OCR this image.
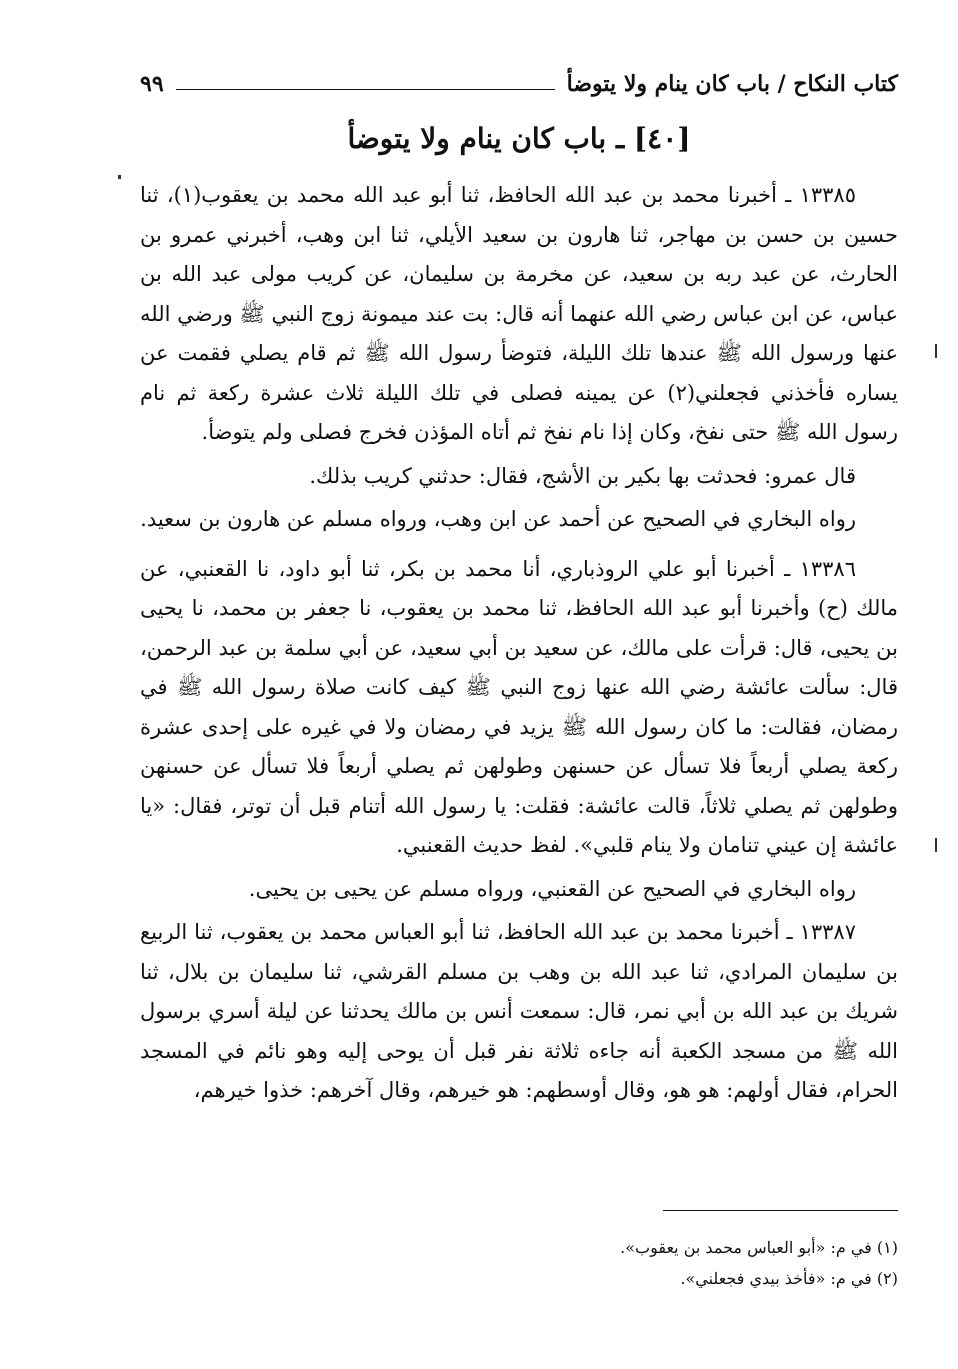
كتاب النكاح / باب كان ينام ولا يتوضأ
٩٩
[٤٠] ـ باب كان ينام ولا يتوضأ

١٣٣٨٥ ـ أخبرنا محمد بن عبد الله الحافظ، ثنا أبو عبد الله محمد بن يعقوب(١)، ثنا حسين بن حسن بن مهاجر، ثنا هارون بن سعيد الأيلي، ثنا ابن وهب، أخبرني عمرو بن الحارث، عن عبد ربه بن سعيد، عن مخرمة بن سليمان، عن كريب مولى عبد الله بن عباس، عن ابن عباس رضي الله عنهما أنه قال: بت عند ميمونة زوج النبي ﷺ ورضي الله عنها ورسول الله ﷺ عندها تلك الليلة، فتوضأ رسول الله ﷺ ثم قام يصلي فقمت عن يساره فأخذني فجعلني(٢) عن يمينه فصلى في تلك الليلة ثلاث عشرة ركعة ثم نام رسول الله ﷺ حتى نفخ، وكان إذا نام نفخ ثم أتاه المؤذن فخرج فصلى ولم يتوضأ.

قال عمرو: فحدثت بها بكير بن الأشج، فقال: حدثني كريب بذلك.

رواه البخاري في الصحيح عن أحمد عن ابن وهب، ورواه مسلم عن هارون بن سعيد.

١٣٣٨٦ ـ أخبرنا أبو علي الروذباري، أنا محمد بن بكر، ثنا أبو داود، نا القعنبي، عن مالك (ح) وأخبرنا أبو عبد الله الحافظ، ثنا محمد بن يعقوب، نا جعفر بن محمد، نا يحيى بن يحيى، قال: قرأت على مالك، عن سعيد بن أبي سعيد، عن أبي سلمة بن عبد الرحمن، قال: سألت عائشة رضي الله عنها زوج النبي ﷺ كيف كانت صلاة رسول الله ﷺ في رمضان، فقالت: ما كان رسول الله ﷺ يزيد في رمضان ولا في غيره على إحدى عشرة ركعة يصلي أربعاً فلا تسأل عن حسنهن وطولهن ثم يصلي أربعاً فلا تسأل عن حسنهن وطولهن ثم يصلي ثلاثاً، قالت عائشة: فقلت: يا رسول الله أتنام قبل أن توتر، فقال: «يا عائشة إن عيني تنامان ولا ينام قلبي». لفظ حديث القعنبي.

رواه البخاري في الصحيح عن القعنبي، ورواه مسلم عن يحيى بن يحيى.

١٣٣٨٧ ـ أخبرنا محمد بن عبد الله الحافظ، ثنا أبو العباس محمد بن يعقوب، ثنا الربيع بن سليمان المرادي، ثنا عبد الله بن وهب بن مسلم القرشي، ثنا سليمان بن بلال، ثنا شريك بن عبد الله بن أبي نمر، قال: سمعت أنس بن مالك يحدثنا عن ليلة أسري برسول الله ﷺ من مسجد الكعبة أنه جاءه ثلاثة نفر قبل أن يوحى إليه وهو نائم في المسجد الحرام، فقال أولهم: هو هو، وقال أوسطهم: هو خيرهم، وقال آخرهم: خذوا خيرهم،

(١) في م: «أبو العباس محمد بن يعقوب».

(٢) في م: «فأخذ بيدي فجعلني».
